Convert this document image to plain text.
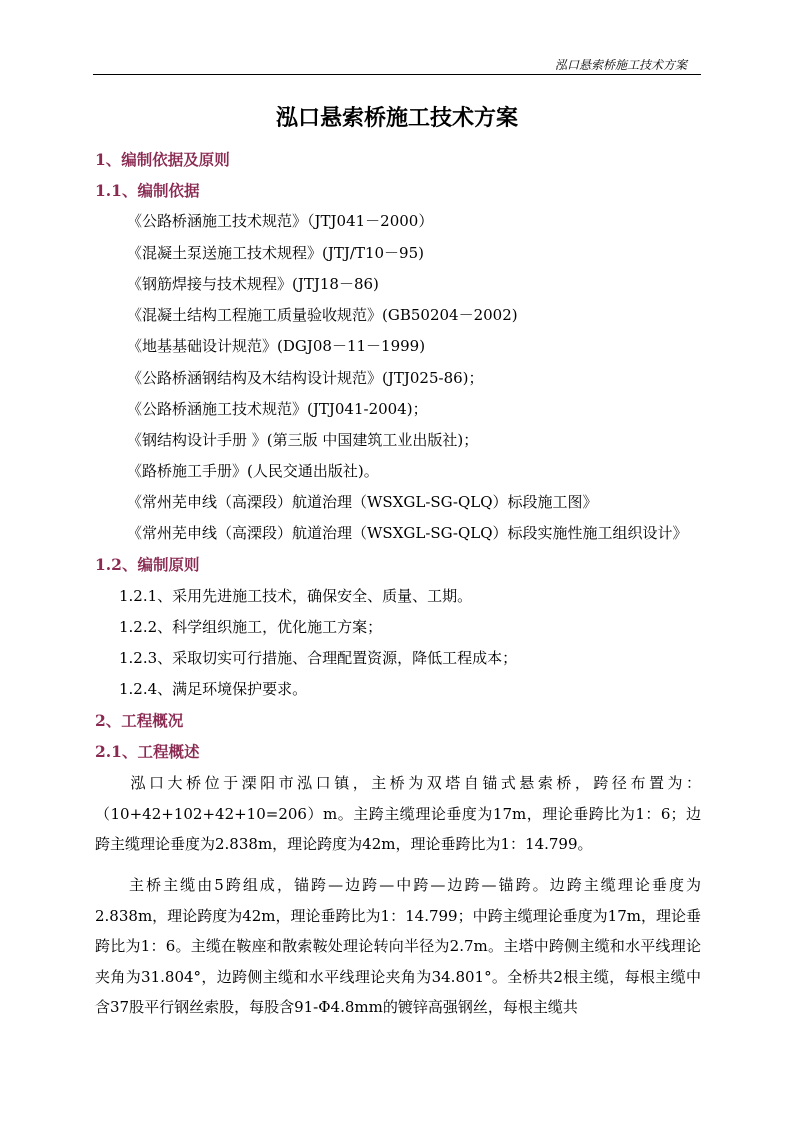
泓口悬索桥施工技术方案
泓口悬索桥施工技术方案
1、编制依据及原则
1.1、编制依据
《公路桥涵施工技术规范》（JTJ041－2000）
《混凝土泵送施工技术规程》(JTJ/T10－95)
《钢筋焊接与技术规程》(JTJ18－86)
《混凝土结构工程施工质量验收规范》(GB50204－2002)
《地基基础设计规范》(DGJ08－11－1999)
《公路桥涵钢结构及木结构设计规范》(JTJ025-86)；
《公路桥涵施工技术规范》(JTJ041-2004)；
《钢结构设计手册 》(第三版 中国建筑工业出版社)；
《路桥施工手册》(人民交通出版社)。
《常州芜申线（高溧段）航道治理（WSXGL-SG-QLQ）标段施工图》
《常州芜申线（高溧段）航道治理（WSXGL-SG-QLQ）标段实施性施工组织设计》
1.2、编制原则
1.2.1、采用先进施工技术，确保安全、质量、工期。
1.2.2、科学组织施工，优化施工方案；
1.2.3、采取切实可行措施、合理配置资源，降低工程成本；
1.2.4、满足环境保护要求。
2、工程概况
2.1、工程概述
泓口大桥位于溧阳市泓口镇，主桥为双塔自锚式悬索桥，跨径布置为：（10+42+102+42+10=206）m。主跨主缆理论垂度为17m，理论垂跨比为1：6；边跨主缆理论垂度为2.838m，理论跨度为42m，理论垂跨比为1：14.799。
主桥主缆由5跨组成，锚跨—边跨—中跨—边跨—锚跨。边跨主缆理论垂度为2.838m，理论跨度为42m，理论垂跨比为1：14.799；中跨主缆理论垂度为17m，理论垂跨比为1：6。主缆在鞍座和散索鞍处理论转向半径为2.7m。主塔中跨侧主缆和水平线理论夹角为31.804°，边跨侧主缆和水平线理论夹角为34.801°。全桥共2根主缆，每根主缆中含37股平行钢丝索股，每股含91-Φ4.8mm的镀锌高强钢丝，每根主缆共
